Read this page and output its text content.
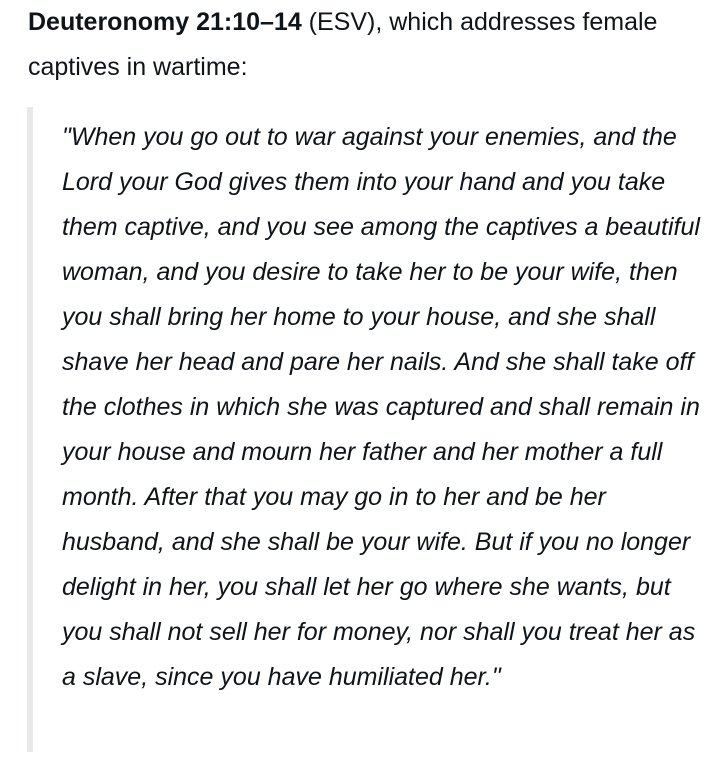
Deuteronomy 21:10–14 (ESV), which addresses female captives in wartime:

"When you go out to war against your enemies, and the Lord your God gives them into your hand and you take them captive, and you see among the captives a beautiful woman, and you desire to take her to be your wife, then you shall bring her home to your house, and she shall shave her head and pare her nails. And she shall take off the clothes in which she was captured and shall remain in your house and mourn her father and her mother a full month. After that you may go in to her and be her husband, and she shall be your wife. But if you no longer delight in her, you shall let her go where she wants, but you shall not sell her for money, nor shall you treat her as a slave, since you have humiliated her."
